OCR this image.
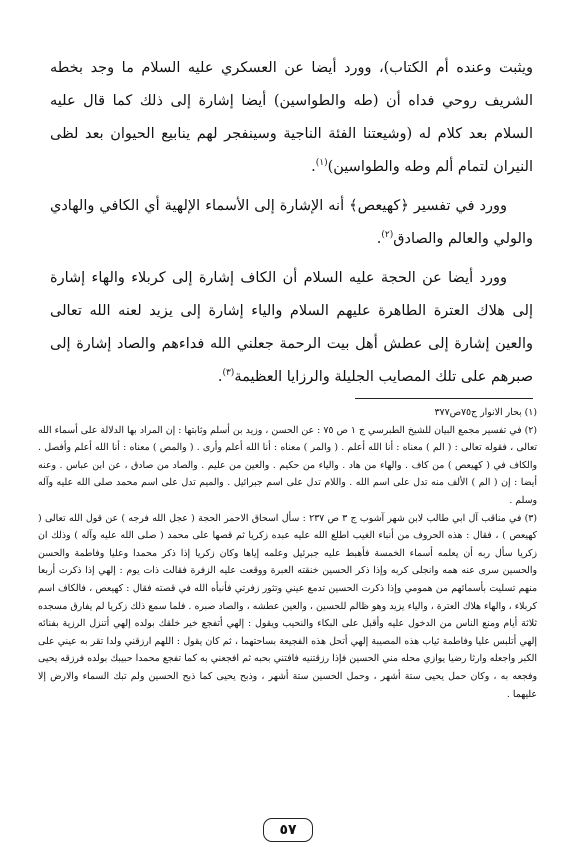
ويثبت وعنده أم الكتاب)، وورد أيضا عن العسكري عليه السلام ما وجد بخطه الشريف روحي فداه أن (طه والطواسين) أيضا إشارة إلى ذلك كما قال عليه السلام بعد كلام له (وشيعتنا الفئة الناجية وسينفجر لهم ينابيع الحيوان بعد لظى النيران لتمام ألم وطه والطواسين)$^{(١)}$.

وورد في تفسير ﴿كهيعص﴾ أنه الإشارة إلى الأسماء الإلهية أي الكافي والهادي والولي والعالم والصادق$^{(٢)}$.

وورد أيضا عن الحجة عليه السلام أن الكاف إشارة إلى كربلاء والهاء إشارة إلى هلاك العترة الطاهرة عليهم السلام والياء إشارة إلى يزيد لعنه الله تعالى والعين إشارة إلى عطش أهل بيت الرحمة جعلني الله فداءهم والصاد إشارة إلى صبرهم على تلك المصايب الجليلة والرزايا العظيمة$^{(٣)}$.

(١) بحار الانوار ج٧٥ص٣٧٧

(٢) في تفسير مجمع البيان للشيخ الطبرسي ج ١ ص ٧٥ : عن الحسن ، وزيد بن أسلم وثابتها : إن المراد بها الدلالة على أسماء الله تعالى ، فقوله تعالى : ( الم ) معناه : أنا الله أعلم . ( والمر ) معناه : أنا الله أعلم وأرى . ( والمص ) معناه : أنا الله أعلم وأفصل . والكاف في ( كهيعص ) من كاف . والهاء من هاد . والياء من حكيم . والعين من عليم . والصاد من صادق ، عن ابن عباس . وعنه أيضا : إن ( الم ) الألف منه تدل على اسم الله . واللام تدل على اسم جبرائيل . والميم تدل على اسم محمد صلى الله عليه وآله وسلم .

(٣) في مناقب آل ابي طالب لابن شهر آشوب ج ٣ ص ٢٣٧ : سأل اسحاق الاحمر الحجة ( عجل الله فرجه ) عن قول الله تعالى ( كهيعص ) ، فقال : هذه الحروف من أنباء الغيب اطلع الله عليه عبده زكريا ثم قصها على محمد ( صلى الله عليه وآله ) وذلك ان زكريا سأل ربه أن يعلمه أسماء الخمسة فأهبط عليه جبرئيل وعلمه إياها وكان زكريا إذا ذكر محمدا وعليا وفاطمة والحسن والحسين سرى عنه همه وانجلى كربه وإذا ذكر الحسين خنقته العبرة ووقعت عليه الزفرة فقالت ذات يوم : إلهي إذا ذكرت أربعا منهم تسليت بأسمائهم من همومي وإذا ذكرت الحسين تدمع عيني وتثور زفرتي فأنبأه الله في قصته فقال : كهيعص ، فالكاف اسم كربلاء ، والهاء هلاك العترة ، والياء يزيد وهو ظالم للحسين ، والعين عطشه ، والصاد صبره . فلما سمع ذلك زكريا لم يفارق مسجده ثلاثة أيام ومنع الناس من الدخول عليه وأقبل على البكاء والنحيب ويقول : إلهي أتفجع خير خلقك بولده إلهي أتنزل الرزية بفنائه إلهي أتلبس عليا وفاطمة ثياب هذه المصيبة إلهي أتحل هذه الفجيعة بساحتهما ، ثم كان يقول : اللهم ارزقني ولدا تقر به عيني على الكبر واجعله وارثا رضيا يوازي محله مني الحسين فإذا رزقتنيه فافتني بحبه ثم افجعني به كما تفجع محمدا حبيبك بولده فرزقه يحيى وفجعه به ، وكان حمل يحيى ستة أشهر ، وحمل الحسين ستة أشهر ، وذبح يحيى كما ذبح الحسين ولم تبك السماء والارض إلا عليهما .

٥٧
